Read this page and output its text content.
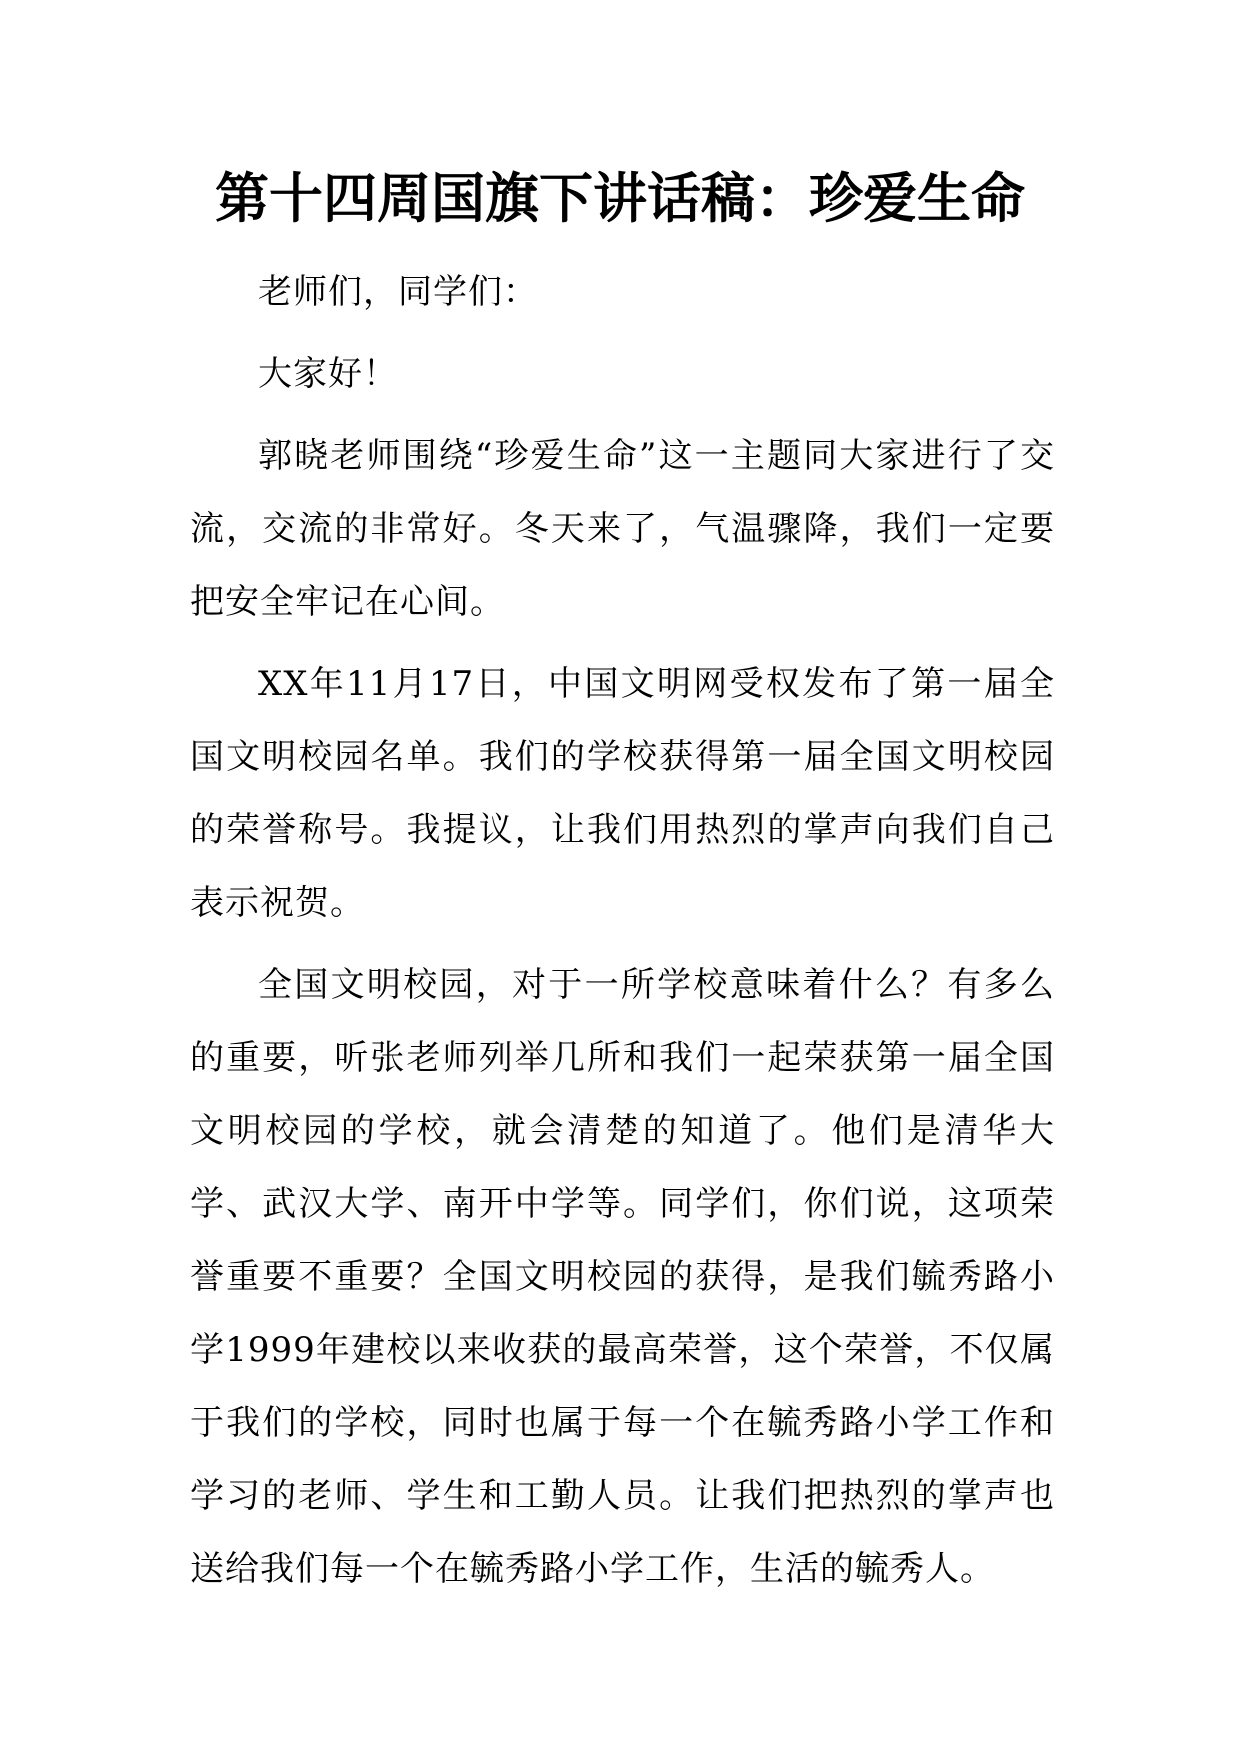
第十四周国旗下讲话稿：珍爱生命

老师们，同学们：

大家好！

郭晓老师围绕“珍爱生命”这一主题同大家进行了交流，交流的非常好。冬天来了，气温骤降，我们一定要把安全牢记在心间。

XX年11月17日，中国文明网受权发布了第一届全国文明校园名单。我们的学校获得第一届全国文明校园的荣誉称号。我提议，让我们用热烈的掌声向我们自己表示祝贺。

全国文明校园，对于一所学校意味着什么？有多么的重要，听张老师列举几所和我们一起荣获第一届全国文明校园的学校，就会清楚的知道了。他们是清华大学、武汉大学、南开中学等。同学们，你们说，这项荣誉重要不重要？全国文明校园的获得，是我们毓秀路小学1999年建校以来收获的最高荣誉，这个荣誉，不仅属于我们的学校，同时也属于每一个在毓秀路小学工作和学习的老师、学生和工勤人员。让我们把热烈的掌声也送给我们每一个在毓秀路小学工作，生活的毓秀人。
